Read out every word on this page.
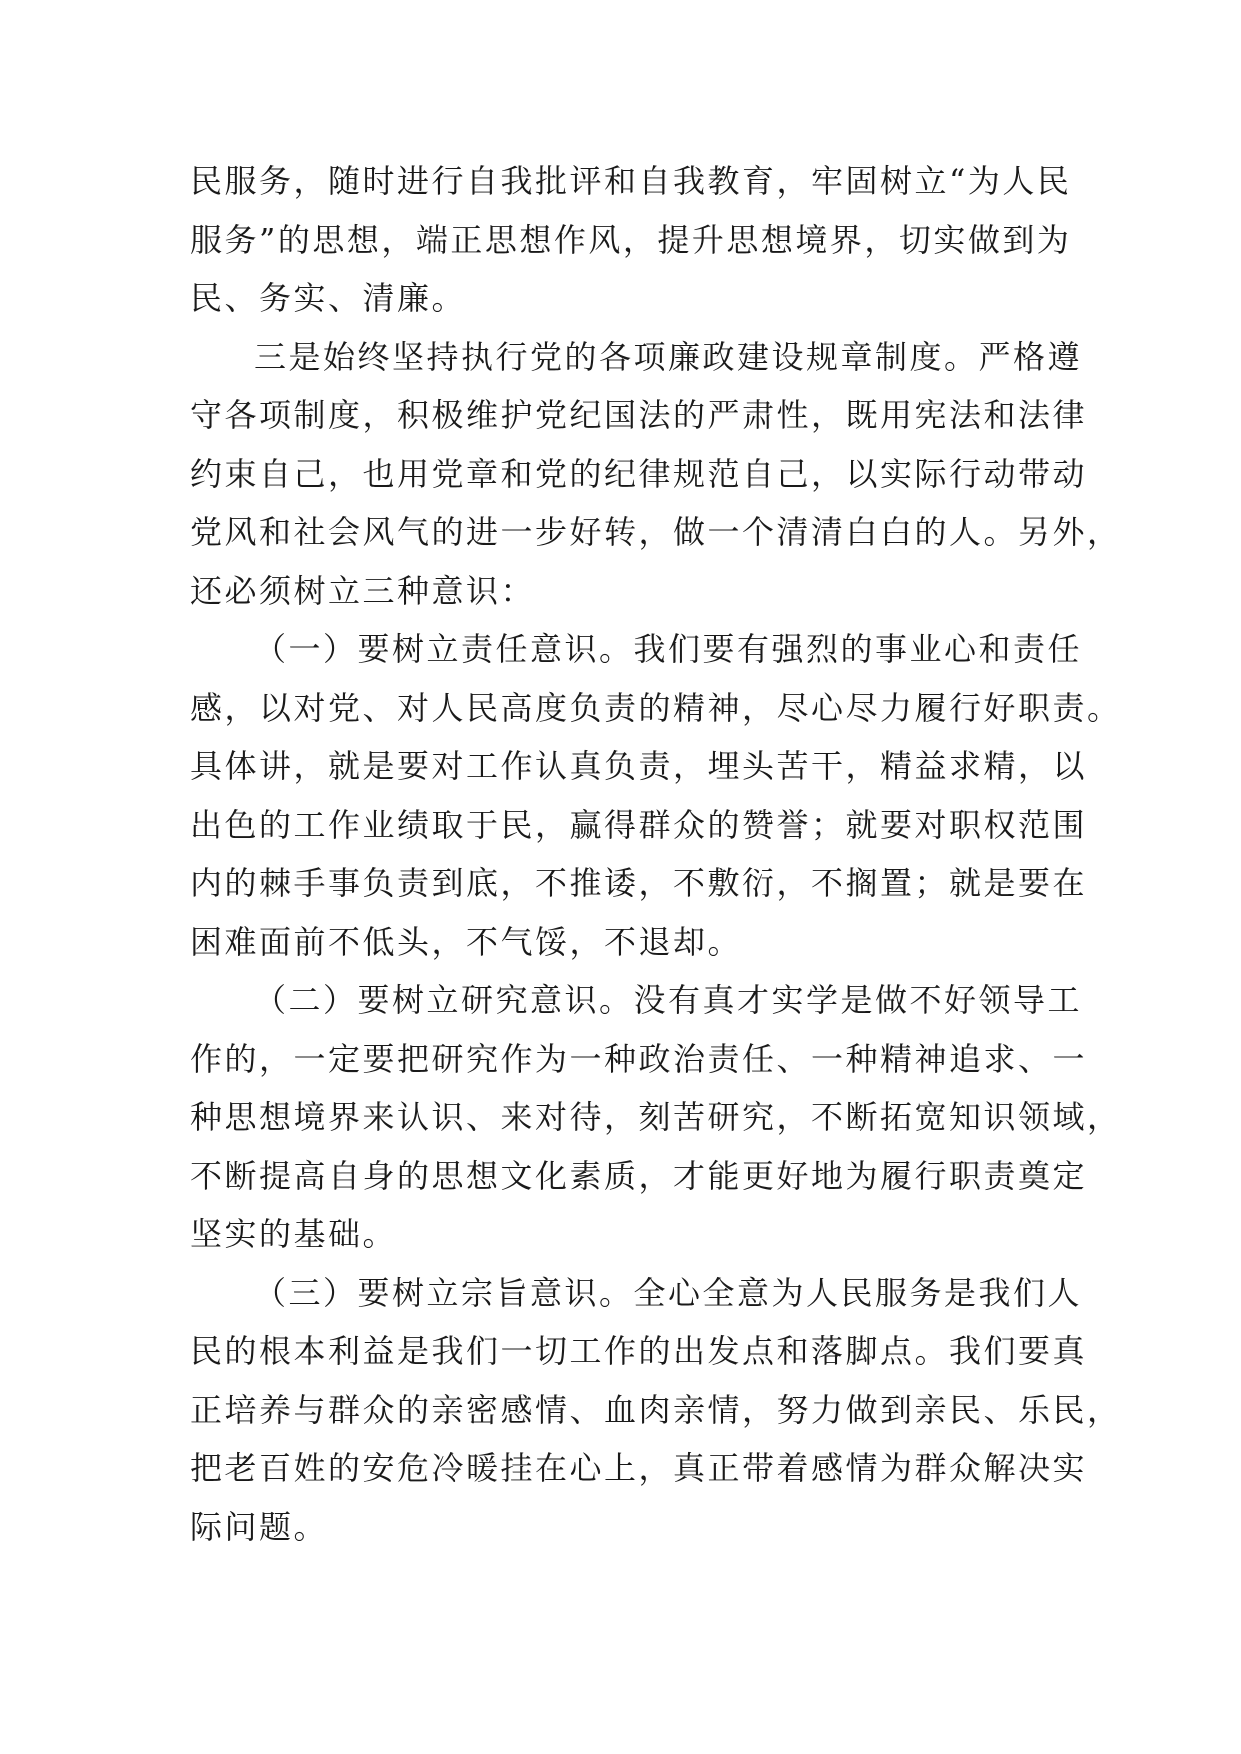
民服务，随时进行自我批评和自我教育，牢固树立“为人民
服务”的思想，端正思想作风，提升思想境界，切实做到为
民、务实、清廉。
三是始终坚持执行党的各项廉政建设规章制度。严格遵
守各项制度，积极维护党纪国法的严肃性，既用宪法和法律
约束自己，也用党章和党的纪律规范自己，以实际行动带动
党风和社会风气的进一步好转，做一个清清白白的人。另外，
还必须树立三种意识：
（一）要树立责任意识。我们要有强烈的事业心和责任
感，以对党、对人民高度负责的精神，尽心尽力履行好职责。
具体讲，就是要对工作认真负责，埋头苦干，精益求精，以
出色的工作业绩取于民，赢得群众的赞誉；就要对职权范围
内的棘手事负责到底，不推诿，不敷衍，不搁置；就是要在
困难面前不低头，不气馁，不退却。
（二）要树立研究意识。没有真才实学是做不好领导工
作的，一定要把研究作为一种政治责任、一种精神追求、一
种思想境界来认识、来对待，刻苦研究，不断拓宽知识领域，
不断提高自身的思想文化素质，才能更好地为履行职责奠定
坚实的基础。
（三）要树立宗旨意识。全心全意为人民服务是我们人
民的根本利益是我们一切工作的出发点和落脚点。我们要真
正培养与群众的亲密感情、血肉亲情，努力做到亲民、乐民，
把老百姓的安危冷暖挂在心上，真正带着感情为群众解决实
际问题。
